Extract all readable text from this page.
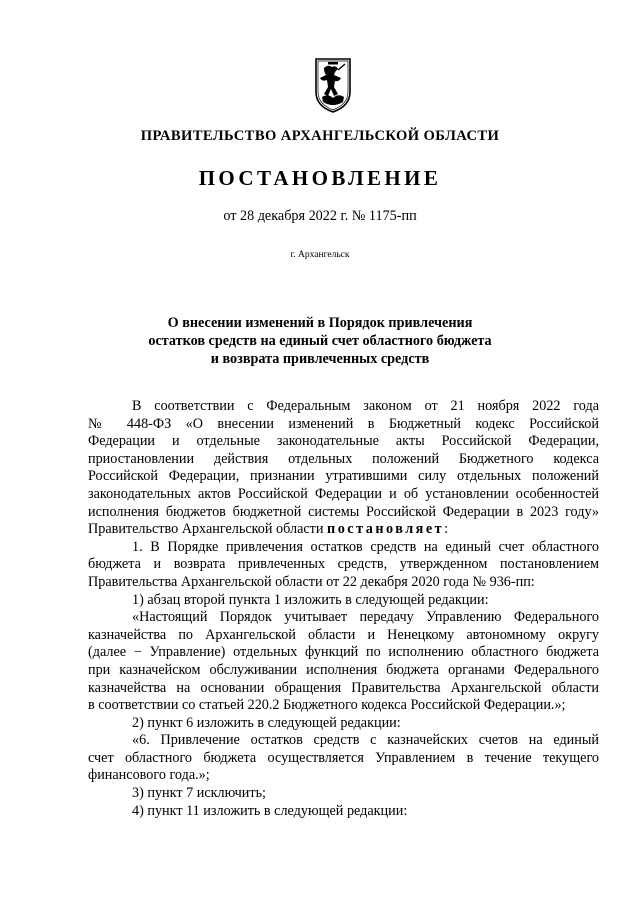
ПРАВИТЕЛЬСТВО АРХАНГЕЛЬСКОЙ ОБЛАСТИ
ПОСТАНОВЛЕНИЕ
от 28 декабря 2022 г. № 1175-пп
г. Архангельск
О внесении изменений в Порядок привлечения
остатков средств на единый счет областного бюджета
и возврата привлеченных средств

В соответствии с Федеральным законом от 21 ноября 2022 года

№ 448-ФЗ «О внесении изменений в Бюджетный кодекс Российской

Федерации и отдельные законодательные акты Российской Федерации,

приостановлении действия отдельных положений Бюджетного кодекса

Российской Федерации, признании утратившими силу отдельных положений

законодательных актов Российской Федерации и об установлении особенностей

исполнения бюджетов бюджетной системы Российской Федерации в 2023 году»

Правительство Архангельской области постановляет:

1. В Порядке привлечения остатков средств на единый счет областного

бюджета и возврата привлеченных средств, утвержденном постановлением

Правительства Архангельской области от 22 декабря 2020 года № 936-пп:

1) абзац второй пункта 1 изложить в следующей редакции:

«Настоящий Порядок учитывает передачу Управлению Федерального

казначейства по Архангельской области и Ненецкому автономному округу

(далее − Управление) отдельных функций по исполнению областного бюджета

при казначейском обслуживании исполнения бюджета органами Федерального

казначейства на основании обращения Правительства Архангельской области

в соответствии со статьей 220.2 Бюджетного кодекса Российской Федерации.»;

2) пункт 6 изложить в следующей редакции:

«6. Привлечение остатков средств с казначейских счетов на единый

счет областного бюджета осуществляется Управлением в течение текущего

финансового года.»;

3) пункт 7 исключить;

4) пункт 11 изложить в следующей редакции:
